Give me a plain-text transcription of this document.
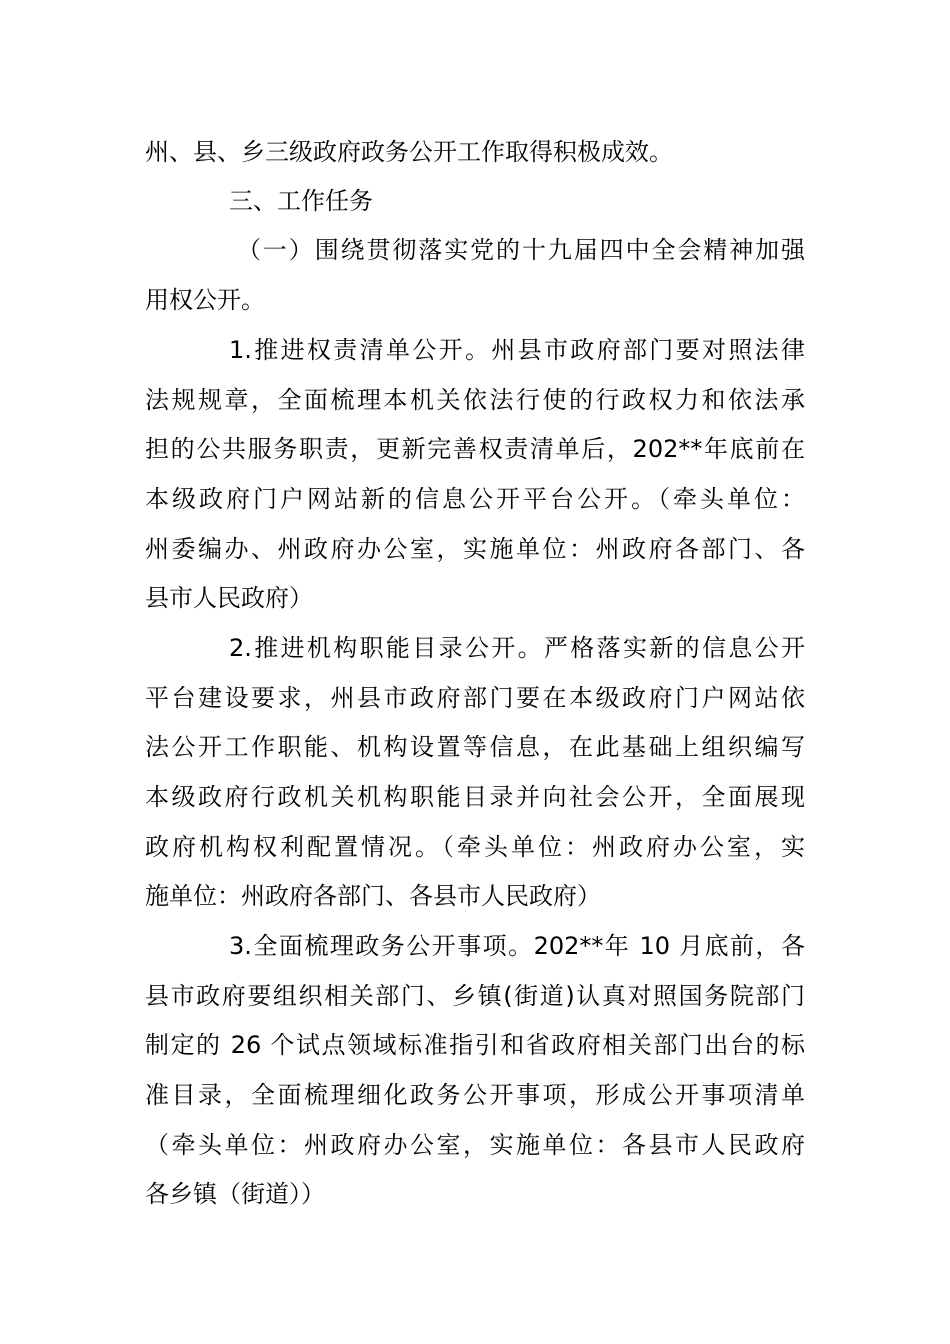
州、县、乡三级政府政务公开工作取得积极成效。
三、工作任务
（一）围绕贯彻落实党的十九届四中全会精神加强
用权公开。
1.推进权责清单公开。州县市政府部门要对照法律
法规规章，全面梳理本机关依法行使的行政权力和依法承
担的公共服务职责，更新完善权责清单后，202**年底前在
本级政府门户网站新的信息公开平台公开。（牵头单位：
州委编办、州政府办公室，实施单位：州政府各部门、各
县市人民政府）
2.推进机构职能目录公开。严格落实新的信息公开
平台建设要求，州县市政府部门要在本级政府门户网站依
法公开工作职能、机构设置等信息，在此基础上组织编写
本级政府行政机关机构职能目录并向社会公开，全面展现
政府机构权利配置情况。（牵头单位：州政府办公室，实
施单位：州政府各部门、各县市人民政府）
3.全面梳理政务公开事项。202**年 10 月底前，各
县市政府要组织相关部门、乡镇(街道)认真对照国务院部门
制定的 26 个试点领域标准指引和省政府相关部门出台的标
准目录，全面梳理细化政务公开事项，形成公开事项清单
（牵头单位：州政府办公室，实施单位：各县市人民政府
各乡镇（街道））
